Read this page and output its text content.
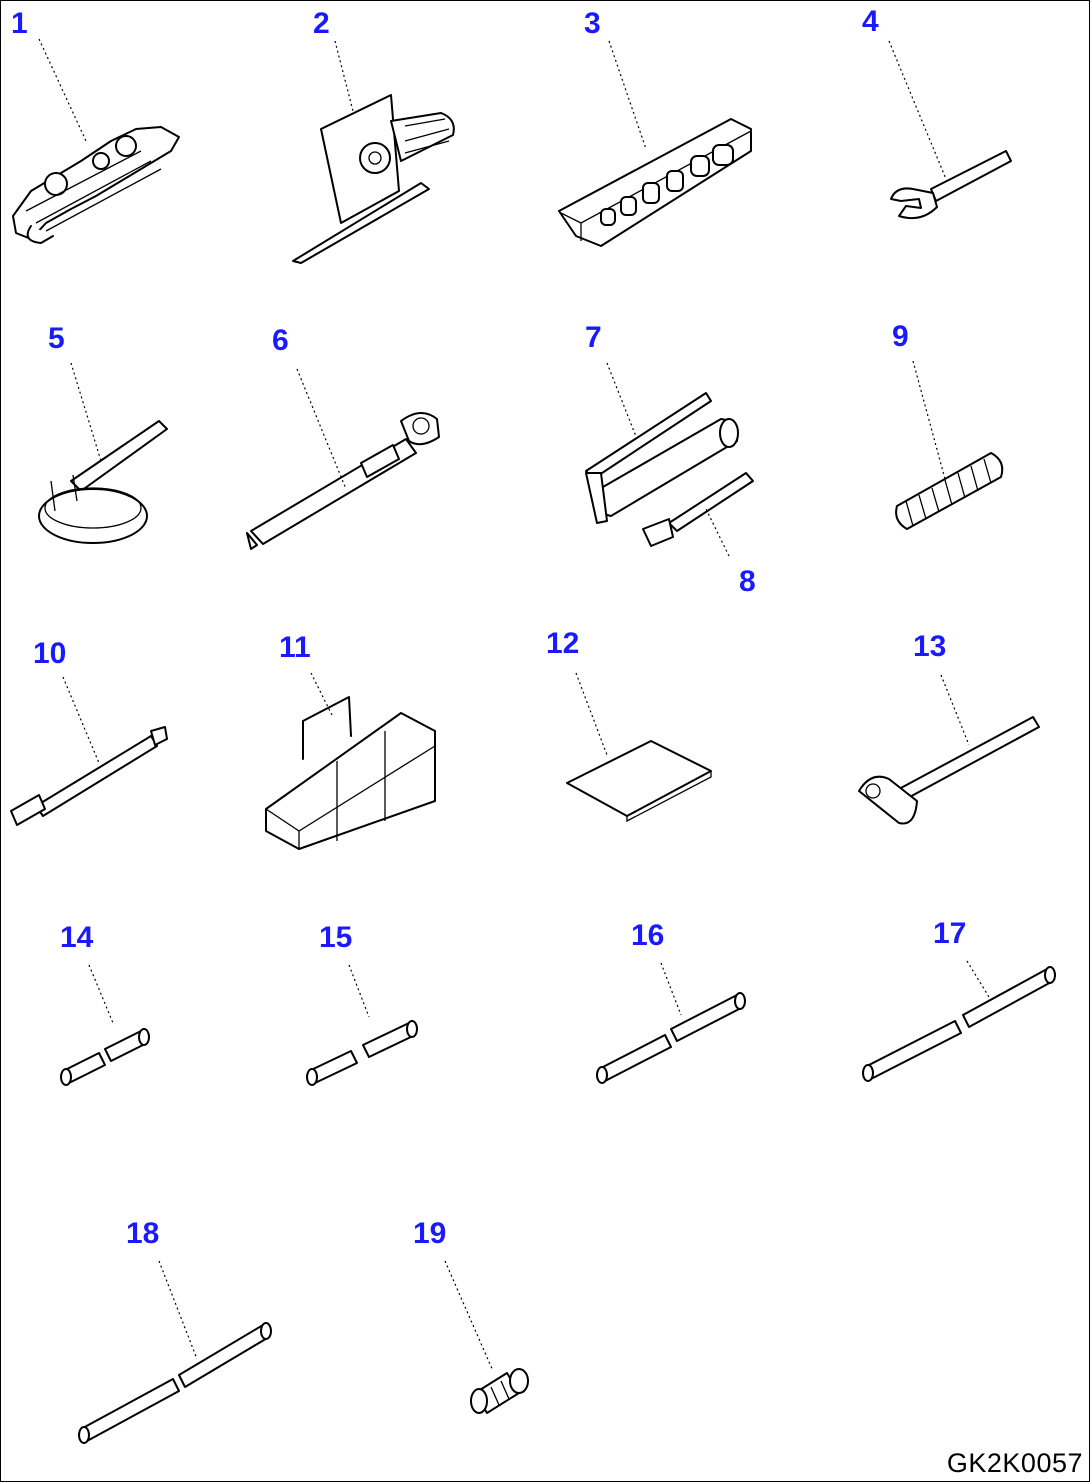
1	2	3	4
5	6	7
8
9
10	11	12	13
14	15	16	17
18	19
GK2K0057
